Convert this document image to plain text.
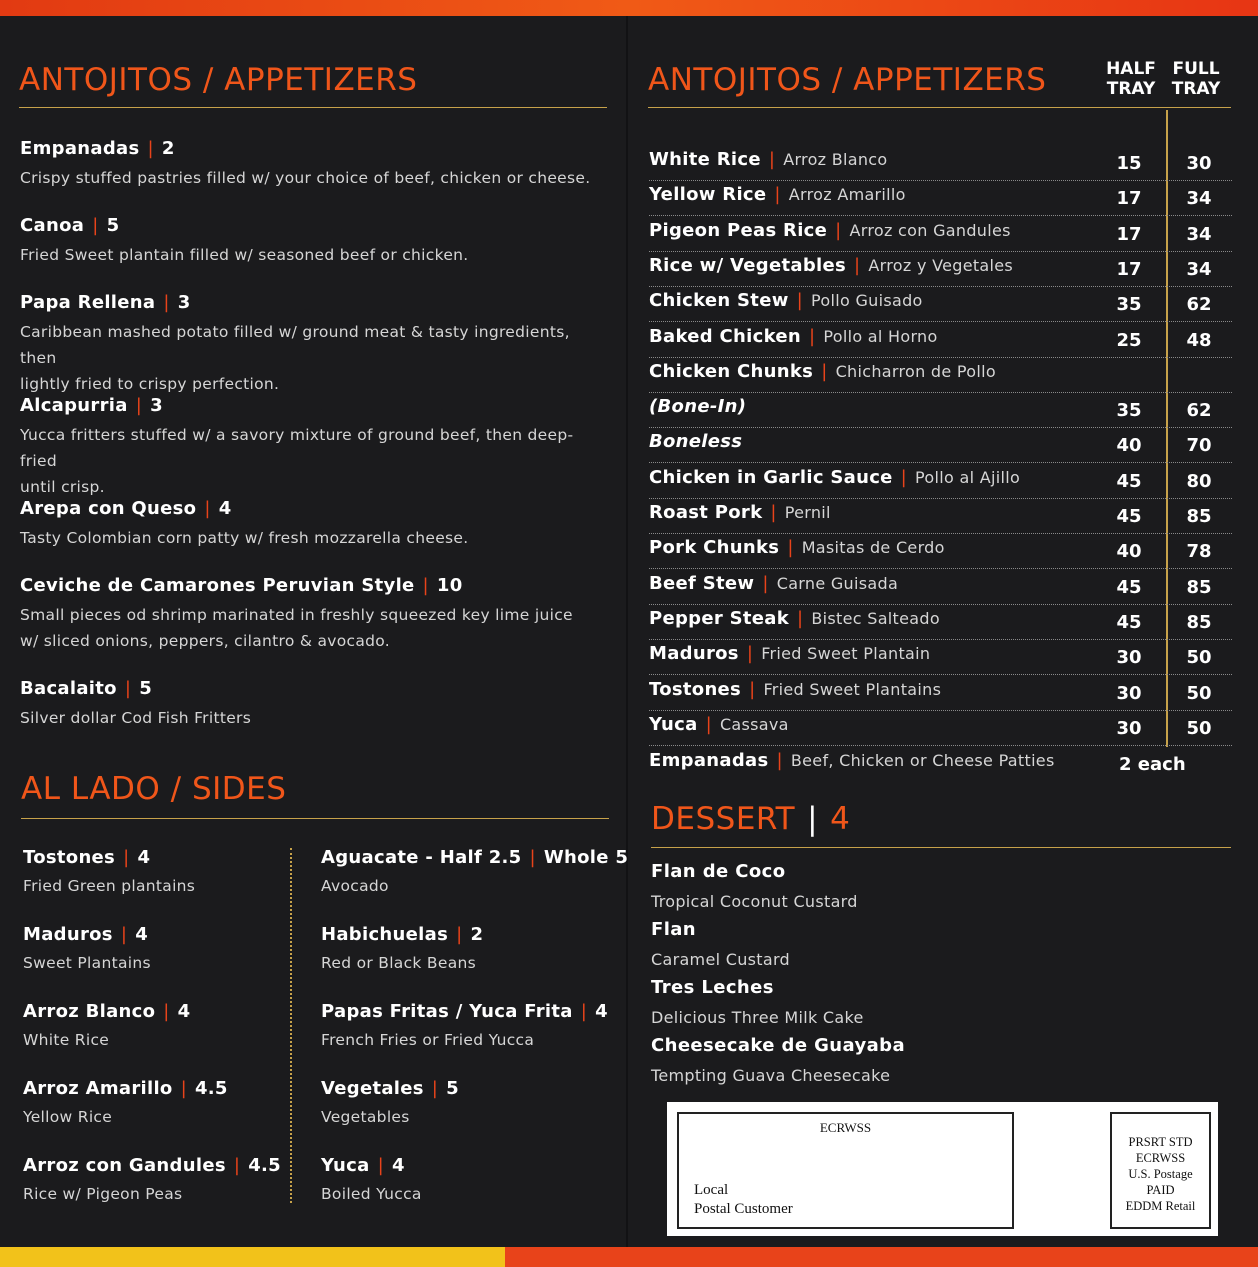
ANTOJITOS / APPETIZERS
Empanadas | 2
Crispy stuffed pastries filled w/ your choice of beef, chicken or cheese.
Canoa | 5
Fried Sweet plantain filled w/ seasoned beef or chicken.
Papa Rellena | 3
Caribbean mashed potato filled w/ ground meat & tasty ingredients, then
lightly fried to crispy perfection.
Alcapurria | 3
Yucca fritters stuffed w/ a savory mixture of ground beef, then deep-fried
until crisp.
Arepa con Queso | 4
Tasty Colombian corn patty w/ fresh mozzarella cheese.
Ceviche de Camarones Peruvian Style | 10
Small pieces od shrimp marinated in freshly squeezed key lime juice
w/ sliced onions, peppers, cilantro & avocado.
Bacalaito | 5
Silver dollar Cod Fish Fritters
AL LADO / SIDES
Tostones | 4
Fried Green plantains
Maduros | 4
Sweet Plantains
Arroz Blanco | 4
White Rice
Arroz Amarillo | 4.5
Yellow Rice
Arroz con Gandules | 4.5
Rice w/ Pigeon Peas
Aguacate - Half 2.5 | Whole 5
Avocado
Habichuelas | 2
Red or Black Beans
Papas Fritas / Yuca Frita | 4
French Fries or Fried Yucca
Vegetales | 5
Vegetables
Yuca | 4
Boiled Yucca
ANTOJITOS / APPETIZERS	HALF
TRAY
FULL
TRAY
White Rice | Arroz Blanco	15	30
Yellow Rice | Arroz Amarillo	17	34
Pigeon Peas Rice | Arroz con Gandules	17	34
Rice w/ Vegetables | Arroz y Vegetales	17	34
Chicken Stew | Pollo Guisado	35	62
Baked Chicken | Pollo al Horno	25	48
Chicken Chunks | Chicharron de Pollo
(Bone-In)	35	62
Boneless	40	70
Chicken in Garlic Sauce | Pollo al Ajillo	45	80
Roast Pork | Pernil	45	85
Pork Chunks | Masitas de Cerdo	40	78
Beef Stew | Carne Guisada	45	85
Pepper Steak | Bistec Salteado	45	85
Maduros | Fried Sweet Plantain	30	50
Tostones | Fried Sweet Plantains	30	50
Yuca | Cassava	30	50
Empanadas | Beef, Chicken or Cheese Patties	2 each
DESSERT | 4
Flan de Coco
Tropical Coconut Custard
Flan
Caramel Custard
Tres Leches
Delicious Three Milk Cake
Cheesecake de Guayaba
Tempting Guava Cheesecake
ECRWSS
Local
Postal Customer
PRSRT STD
ECRWSS
U.S. Postage
PAID
EDDM Retail
